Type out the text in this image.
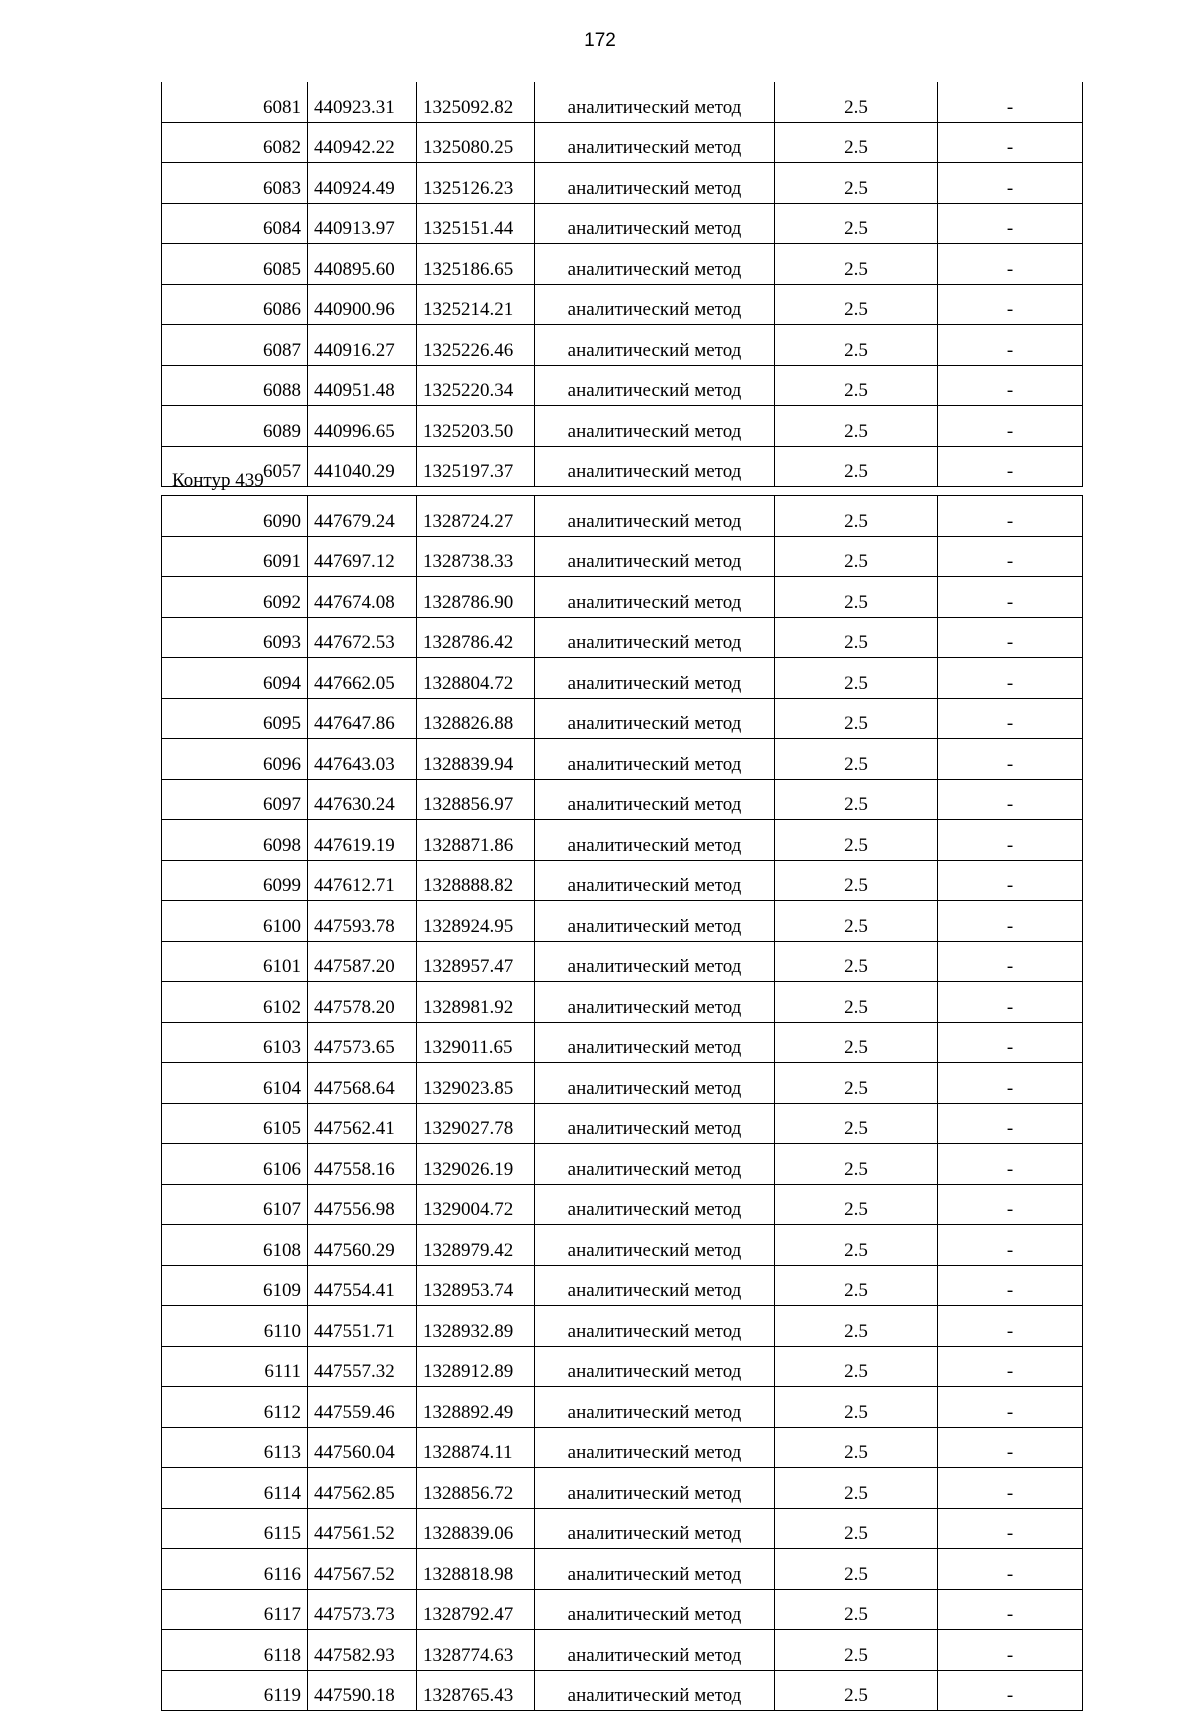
172
6081	440923.31	1325092.82	аналитический метод	2.5	-
6082	440942.22	1325080.25	аналитический метод	2.5	-
6083	440924.49	1325126.23	аналитический метод	2.5	-
6084	440913.97	1325151.44	аналитический метод	2.5	-
6085	440895.60	1325186.65	аналитический метод	2.5	-
6086	440900.96	1325214.21	аналитический метод	2.5	-
6087	440916.27	1325226.46	аналитический метод	2.5	-
6088	440951.48	1325220.34	аналитический метод	2.5	-
6089	440996.65	1325203.50	аналитический метод	2.5	-
6057	441040.29	1325197.37	аналитический метод	2.5	-
Контур 439
6090	447679.24	1328724.27	аналитический метод	2.5	-
6091	447697.12	1328738.33	аналитический метод	2.5	-
6092	447674.08	1328786.90	аналитический метод	2.5	-
6093	447672.53	1328786.42	аналитический метод	2.5	-
6094	447662.05	1328804.72	аналитический метод	2.5	-
6095	447647.86	1328826.88	аналитический метод	2.5	-
6096	447643.03	1328839.94	аналитический метод	2.5	-
6097	447630.24	1328856.97	аналитический метод	2.5	-
6098	447619.19	1328871.86	аналитический метод	2.5	-
6099	447612.71	1328888.82	аналитический метод	2.5	-
6100	447593.78	1328924.95	аналитический метод	2.5	-
6101	447587.20	1328957.47	аналитический метод	2.5	-
6102	447578.20	1328981.92	аналитический метод	2.5	-
6103	447573.65	1329011.65	аналитический метод	2.5	-
6104	447568.64	1329023.85	аналитический метод	2.5	-
6105	447562.41	1329027.78	аналитический метод	2.5	-
6106	447558.16	1329026.19	аналитический метод	2.5	-
6107	447556.98	1329004.72	аналитический метод	2.5	-
6108	447560.29	1328979.42	аналитический метод	2.5	-
6109	447554.41	1328953.74	аналитический метод	2.5	-
6110	447551.71	1328932.89	аналитический метод	2.5	-
6111	447557.32	1328912.89	аналитический метод	2.5	-
6112	447559.46	1328892.49	аналитический метод	2.5	-
6113	447560.04	1328874.11	аналитический метод	2.5	-
6114	447562.85	1328856.72	аналитический метод	2.5	-
6115	447561.52	1328839.06	аналитический метод	2.5	-
6116	447567.52	1328818.98	аналитический метод	2.5	-
6117	447573.73	1328792.47	аналитический метод	2.5	-
6118	447582.93	1328774.63	аналитический метод	2.5	-
6119	447590.18	1328765.43	аналитический метод	2.5	-
